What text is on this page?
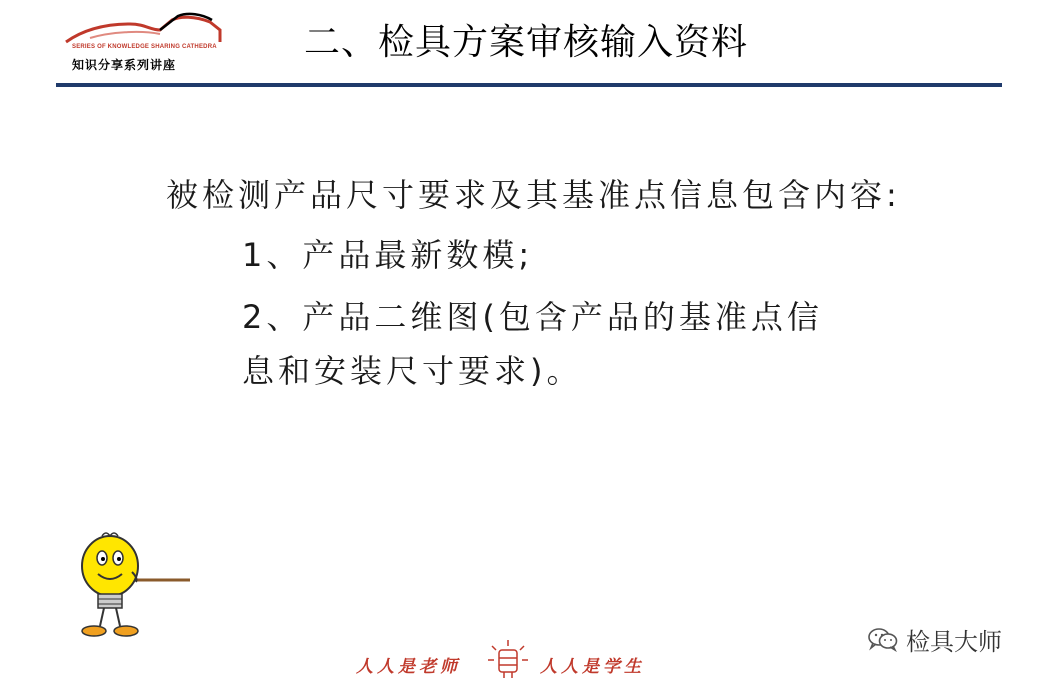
SERIES OF KNOWLEDGE SHARING CATHEDRA
知识分享系列讲座
二、检具方案审核输入资料
被检测产品尺寸要求及其基准点信息包含内容:
1、产品最新数模;
2、产品二维图(包含产品的基准点信
息和安装尺寸要求)。
人人是老师	人人是学生
检具大师
